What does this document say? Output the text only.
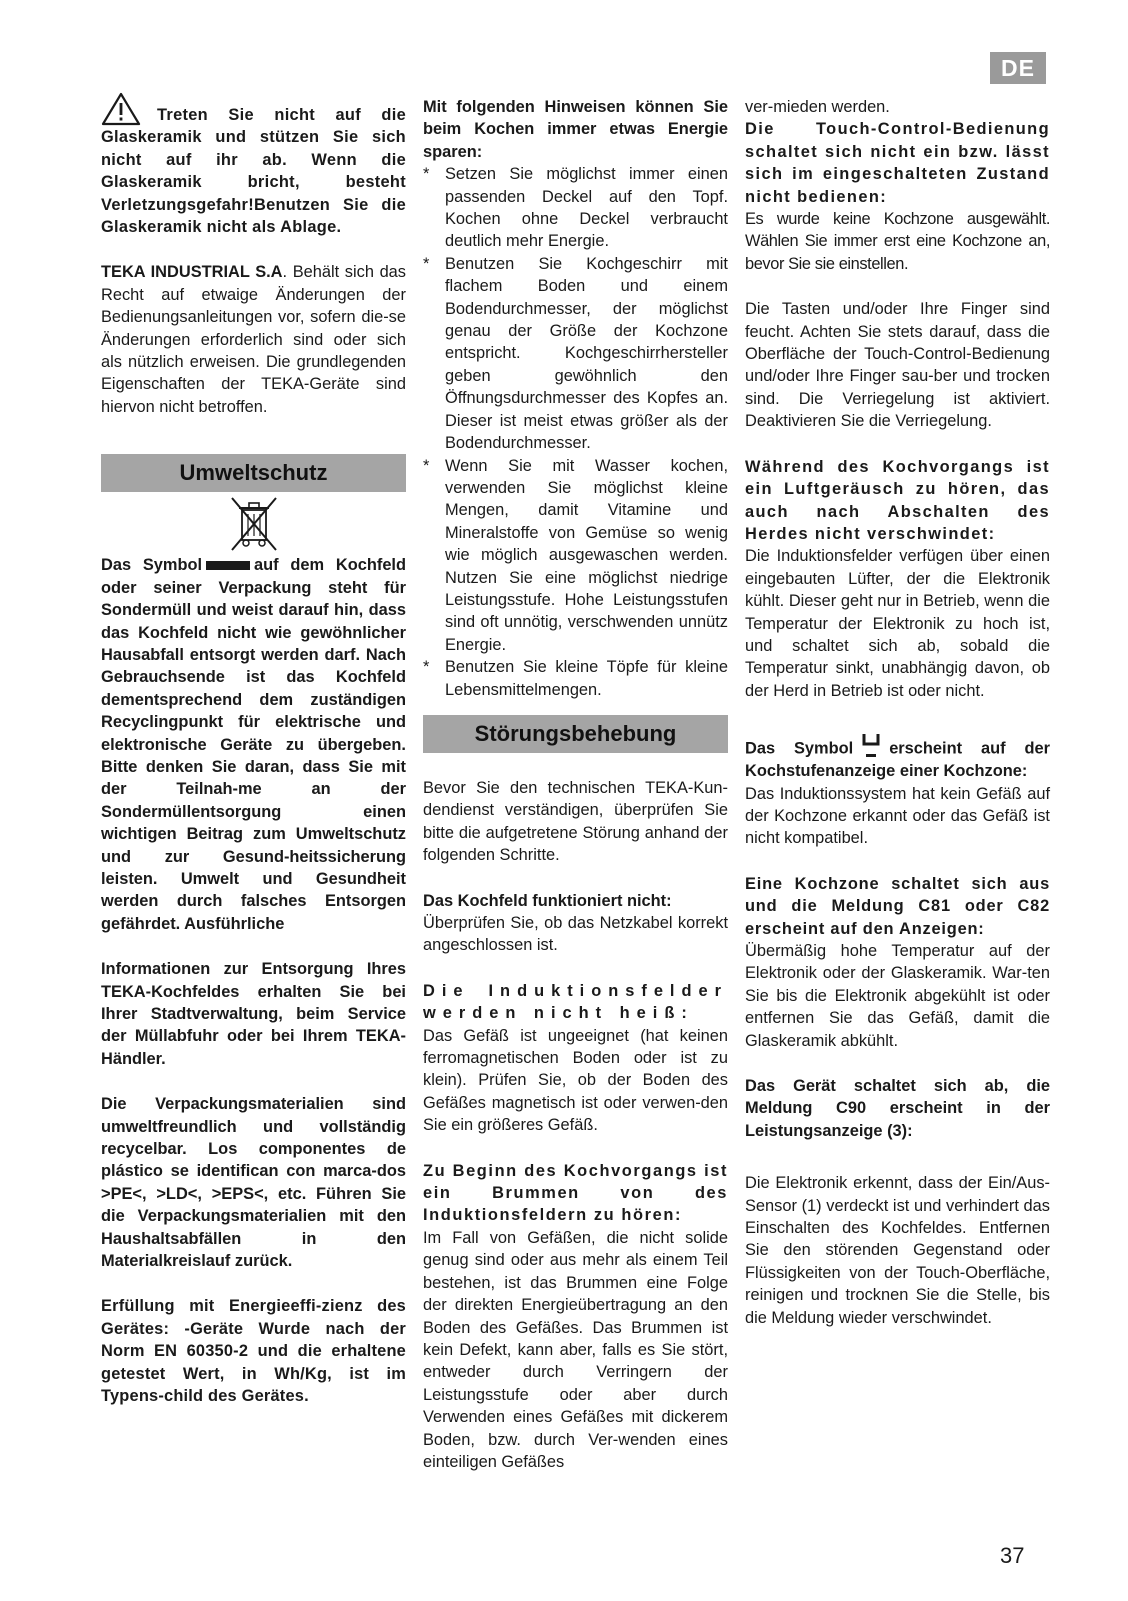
DE

Treten Sie nicht auf die Glaskeramik und stützen Sie sich nicht auf ihr ab. Wenn die Glaskeramik bricht, besteht Verletzungsgefahr!Benutzen Sie die Glaskeramik nicht als Ablage.

TEKA INDUSTRIAL S.A. Behält sich das Recht auf etwaige Änderungen der Bedienungsanleitungen vor, sofern die-se Änderungen erforderlich sind oder sich als nützlich erweisen. Die grundlegenden Eigenschaften der TEKA-Geräte sind hiervon nicht betroffen.

Umweltschutz

Das Symbol	auf dem Kochfeld oder seiner Verpackung steht für Sondermüll und weist darauf hin, dass das Kochfeld nicht wie gewöhnlicher Hausabfall entsorgt werden darf. Nach Gebrauchsende ist das Kochfeld dementsprechend dem zuständigen Recyclingpunkt für elektrische und elektronische Geräte zu übergeben. Bitte denken Sie daran, dass Sie mit der Teilnah-me an der Sondermüllentsorgung einen wichtigen Beitrag zum Umweltschutz und zur Gesund-heitssicherung leisten. Umwelt und Gesundheit werden durch falsches Entsorgen gefährdet. Ausführliche

Informationen zur Entsorgung Ihres TEKA-Kochfeldes erhalten Sie bei Ihrer Stadtverwaltung, beim Service der Müllabfuhr oder bei Ihrem TEKA-Händler.

Die Verpackungsmaterialien sind umweltfreundlich und vollständig recycelbar. Los componentes de plástico se identifican con marca-dos >PE<, >LD<, >EPS<, etc. Führen Sie die Verpackungsmaterialien mit den Haushaltsabfällen in den Materialkreislauf zurück.

Erfüllung mit Energieeffi-zienz des Gerätes: -Geräte Wurde nach der Norm EN 60350-2 und die erhaltene getestet Wert, in Wh/Kg, ist im Typens-child des Gerätes.

Mit folgenden Hinweisen können Sie beim Kochen immer etwas Energie sparen:

* Setzen Sie möglichst immer einen passenden Deckel auf den Topf. Kochen ohne Deckel verbraucht deutlich mehr Energie.
* Benutzen Sie Kochgeschirr mit flachem Boden und einem Bodendurchmesser, der möglichst genau der Größe der Kochzone entspricht. Kochgeschirrhersteller geben gewöhnlich den Öffnungsdurchmesser des Kopfes an. Dieser ist meist etwas größer als der Bodendurchmesser.
* Wenn Sie mit Wasser kochen, verwenden Sie möglichst kleine Mengen, damit Vitamine und Mineralstoffe von Gemüse so wenig wie möglich ausgewaschen werden. Nutzen Sie eine möglichst niedrige Leistungsstufe. Hohe Leistungsstufen sind oft unnötig, verschwenden unnütz Energie.
* Benutzen Sie kleine Töpfe für kleine Lebensmittelmengen.
Störungsbehebung

Bevor Sie den technischen TEKA-Kun-dendienst verständigen, überprüfen Sie bitte die aufgetretene Störung anhand der folgenden Schritte.

Das Kochfeld funktioniert nicht:
Überprüfen Sie, ob das Netzkabel korrekt angeschlossen ist.

Die Induktionsfelder werden nicht heiß:
Das Gefäß ist ungeeignet (hat keinen ferromagnetischen Boden oder ist zu klein). Prüfen Sie, ob der Boden des Gefäßes magnetisch ist oder verwen-den Sie ein größeres Gefäß.

Zu Beginn des Kochvorgangs ist ein Brummen von des Induktionsfeldern zu hören:
Im Fall von Gefäßen, die nicht solide genug sind oder aus mehr als einem Teil bestehen, ist das Brummen eine Folge der direkten Energieübertragung an den Boden des Gefäßes. Das Brummen ist kein Defekt, kann aber, falls es Sie stört, entweder durch Verringern der Leistungsstufe oder aber durch Verwenden eines Gefäßes mit dickerem Boden, bzw. durch Ver-wenden eines einteiligen Gefäßes

ver-mieden werden.

Die Touch-Control-Bedienung schaltet sich nicht ein bzw. lässt sich im eingeschalteten Zustand nicht bedienen:
Es wurde keine Kochzone ausgewählt. Wählen Sie immer erst eine Kochzone an, bevor Sie sie einstellen.

Die Tasten und/oder Ihre Finger sind feucht. Achten Sie stets darauf, dass die Oberfläche der Touch-Control-Bedienung und/oder Ihre Finger sau-ber und trocken sind. Die Verriegelung ist aktiviert. Deaktivieren Sie die Verriegelung.

Während des Kochvorgangs ist ein Luftgeräusch zu hören, das auch nach Abschalten des Herdes nicht verschwindet:
Die Induktionsfelder verfügen über einen eingebauten Lüfter, der die Elektronik kühlt. Dieser geht nur in Betrieb, wenn die Temperatur der Elektronik zu hoch ist, und schaltet sich ab, sobald die Temperatur sinkt, unabhängig davon, ob der Herd in Betrieb ist oder nicht.

Das Symbol erscheint auf der Kochstufenanzeige einer Kochzone:
Das Induktionssystem hat kein Gefäß auf der Kochzone erkannt oder das Gefäß ist nicht kompatibel.

Eine Kochzone schaltet sich aus und die Meldung C81 oder C82 erscheint auf den Anzeigen:
Übermäßig hohe Temperatur auf der Elektronik oder der Glaskeramik. War-ten Sie bis die Elektronik abgekühlt ist oder entfernen Sie das Gefäß, damit die Glaskeramik abkühlt.

Das Gerät schaltet sich ab, die Meldung C90 erscheint in der Leistungsanzeige (3):

Die Elektronik erkennt, dass der Ein/Aus-Sensor (1) verdeckt ist und verhindert das Einschalten des Kochfeldes. Entfernen Sie den störenden Gegenstand oder Flüssigkeiten von der Touch-Oberfläche, reinigen und trocknen Sie die Stelle, bis die Meldung wieder verschwindet.

37
